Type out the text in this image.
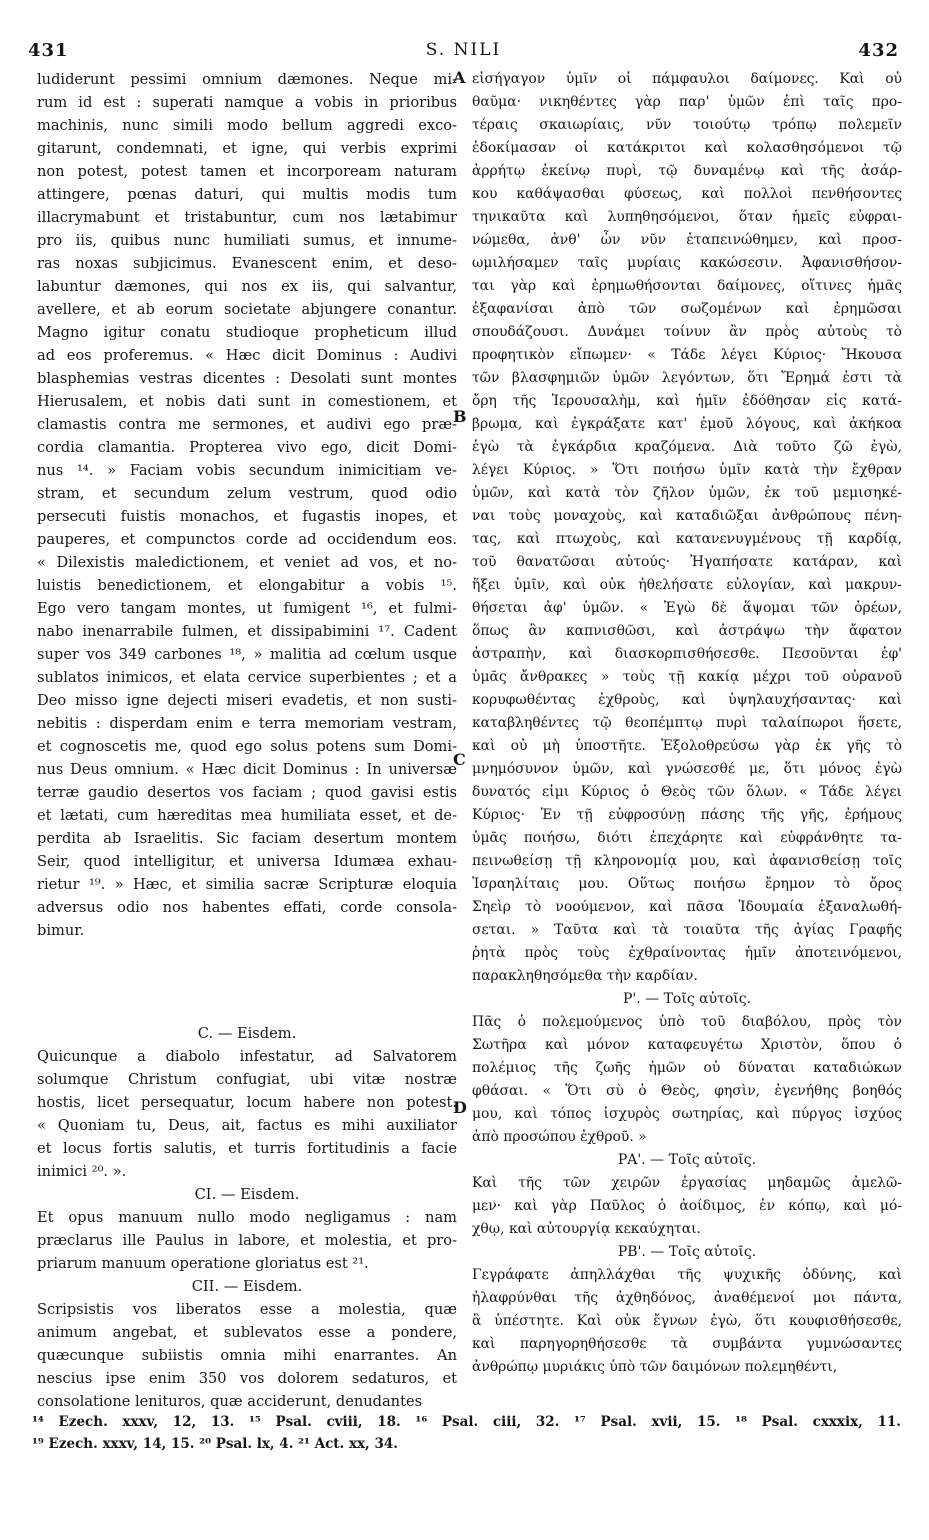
431	S. NILI	432
ludiderunt pessimi omnium dæmones. Neque mi-
rum id est : superati namque a vobis in prioribus
machinis, nunc simili modo bellum aggredi exco-
gitarunt, condemnati, et igne, qui verbis exprimi
non potest, potest tamen et incorpoream naturam
attingere, pœnas daturi, qui multis modis tum
illacrymabunt et tristabuntur, cum nos lætabimur
pro iis, quibus nunc humiliati sumus, et innume-
ras noxas subjicimus. Evanescent enim, et deso-
labuntur dæmones, qui nos ex iis, qui salvantur,
avellere, et ab eorum societate abjungere conantur.
Magno igitur conatu studioque propheticum illud
ad eos proferemus. « Hæc dicit Dominus : Audivi
blasphemias vestras dicentes : Desolati sunt montes
Hierusalem, et nobis dati sunt in comestionem, et
clamastis contra me sermones, et audivi ego præ-
cordia clamantia. Propterea vivo ego, dicit Domi-
nus ¹⁴. » Faciam vobis secundum inimicitiam ve-
stram, et secundum zelum vestrum, quod odio
persecuti fuistis monachos, et fugastis inopes, et
pauperes, et compunctos corde ad occidendum eos.
« Dilexistis maledictionem, et veniet ad vos, et no-
luistis benedictionem, et elongabitur a vobis ¹⁵.
Ego vero tangam montes, ut fumigent ¹⁶, et fulmi-
nabo inenarrabile fulmen, et dissipabimini ¹⁷. Cadent
super vos 349 carbones ¹⁸, » malitia ad cœlum usque
sublatos inimicos, et elata cervice superbientes ; et a
Deo misso igne dejecti miseri evadetis, et non susti-
nebitis : disperdam enim e terra memoriam vestram,
et cognoscetis me, quod ego solus potens sum Domi-
nus Deus omnium. « Hæc dicit Dominus : In universæ
terræ gaudio desertos vos faciam ; quod gavisi estis
et lætati, cum hæreditas mea humiliata esset, et de-
perdita ab Israelitis. Sic faciam desertum montem
Seir, quod intelligitur, et universa Idumæa exhau-
rietur ¹⁹. » Hæc, et similia sacræ Scripturæ eloquia
adversus odio nos habentes effati, corde consola-
bimur.
C. — Eisdem.
Quicunque a diabolo infestatur, ad Salvatorem
solumque Christum confugiat, ubi vitæ nostræ
hostis, licet persequatur, locum habere non potest.
« Quoniam tu, Deus, ait, factus es mihi auxiliator
et locus fortis salutis, et turris fortitudinis a facie
inimici ²⁰. ».
CI. — Eisdem.
Et opus manuum nullo modo negligamus : nam
præclarus ille Paulus in labore, et molestia, et pro-
priarum manuum operatione gloriatus est ²¹.
CII. — Eisdem.
Scripsistis vos liberatos esse a molestia, quæ
animum angebat, et sublevatos esse a pondere,
quæcunque subiistis omnia mihi enarrantes. An
nescius ipse enim 350 vos dolorem sedaturos, et
consolatione lenituros, quæ acciderunt, denudantes
εἰσήγαγον ὑμῖν οἱ πάμφαυλοι δαίμονες. Καὶ οὐ
θαῦμα· νικηθέντες γὰρ παρ' ὑμῶν ἐπὶ ταῖς προ-
τέραις σκαιωρίαις, νῦν τοιούτῳ τρόπῳ πολεμεῖν
ἐδοκίμασαν οἱ κατάκριτοι καὶ κολασθησόμενοι τῷ
ἀρρήτῳ ἐκείνῳ πυρὶ, τῷ δυναμένῳ καὶ τῆς ἀσάρ-
κου καθάψασθαι φύσεως, καὶ πολλοὶ πενθήσοντες
τηνικαῦτα καὶ λυπηθησόμενοι, ὅταν ἡμεῖς εὐφραι-
νώμεθα, ἀνθ' ὧν νῦν ἐταπεινώθημεν, καὶ προσ-
ωμιλήσαμεν ταῖς μυρίαις κακώσεσιν. Ἀφανισθήσον-
ται γὰρ καὶ ἐρημωθήσονται δαίμονες, οἵτινες ἡμᾶς
ἐξαφανίσαι ἀπὸ τῶν σωζομένων καὶ ἐρημῶσαι
σπουδάζουσι. Δυνάμει τοίνυν ἂν πρὸς αὐτοὺς τὸ
προφητικὸν εἴπωμεν· « Τάδε λέγει Κύριος· Ἤκουσα
τῶν βλασφημιῶν ὑμῶν λεγόντων, ὅτι Ἔρημά ἐστι τὰ
ὄρη τῆς Ἱερουσαλὴμ, καὶ ἡμῖν ἐδόθησαν εἰς κατά-
βρωμα, καὶ ἐγκράξατε κατ' ἐμοῦ λόγους, καὶ ἀκήκοα
ἐγὼ τὰ ἐγκάρδια κραζόμενα. Διὰ τοῦτο ζῶ ἐγὼ,
λέγει Κύριος. » Ὅτι ποιήσω ὑμῖν κατὰ τὴν ἔχθραν
ὑμῶν, καὶ κατὰ τὸν ζῆλον ὑμῶν, ἐκ τοῦ μεμισηκέ-
ναι τοὺς μοναχοὺς, καὶ καταδιῶξαι ἀνθρώπους πένη-
τας, καὶ πτωχοὺς, καὶ κατανενυγμένους τῇ καρδίᾳ,
τοῦ θανατῶσαι αὐτούς· Ἠγαπήσατε κατάραν, καὶ
ἥξει ὑμῖν, καὶ οὐκ ἠθελήσατε εὐλογίαν, καὶ μακρυν-
θήσεται ἀφ' ὑμῶν. « Ἐγὼ δὲ ἅψομαι τῶν ὀρέων,
ὅπως ἂν καπνισθῶσι, καὶ ἀστράψω τὴν ἄφατον
ἀστραπὴν, καὶ διασκορπισθήσεσθε. Πεσοῦνται ἐφ'
ὑμᾶς ἄνθρακες » τοὺς τῇ κακίᾳ μέχρι τοῦ οὐρανοῦ
κορυφωθέντας ἐχθροὺς, καὶ ὑψηλαυχήσαντας· καὶ
καταβληθέντες τῷ θεοπέμπτῳ πυρὶ ταλαίπωροι ἥσετε,
καὶ οὐ μὴ ὑποστῆτε. Ἐξολοθρεύσω γὰρ ἐκ γῆς τὸ
μνημόσυνον ὑμῶν, καὶ γνώσεσθέ με, ὅτι μόνος ἐγὼ
δυνατός εἰμι Κύριος ὁ Θεὸς τῶν ὅλων. « Τάδε λέγει
Κύριος· Ἐν τῇ εὐφροσύνῃ πάσης τῆς γῆς, ἐρήμους
ὑμᾶς ποιήσω, διότι ἐπεχάρητε καὶ εὐφράνθητε τα-
πεινωθείσῃ τῇ κληρονομίᾳ μου, καὶ ἀφανισθείσῃ τοῖς
Ἰσραηλίταις μου. Οὕτως ποιήσω ἔρημον τὸ ὄρος
Σηεὶρ τὸ νοούμενον, καὶ πᾶσα Ἰδουμαία ἐξαναλωθή-
σεται. » Ταῦτα καὶ τὰ τοιαῦτα τῆς ἁγίας Γραφῆς
ῥητὰ πρὸς τοὺς ἐχθραίνοντας ἡμῖν ἀποτεινόμενοι,
παρακληθησόμεθα τὴν καρδίαν.
Ρ'. — Τοῖς αὐτοῖς.
Πᾶς ὁ πολεμούμενος ὑπὸ τοῦ διαβόλου, πρὸς τὸν
Σωτῆρα καὶ μόνον καταφευγέτω Χριστὸν, ὅπου ὁ
πολέμιος τῆς ζωῆς ἡμῶν οὐ δύναται καταδιώκων
φθάσαι. « Ὅτι σὺ ὁ Θεὸς, φησὶν, ἐγενήθης βοηθός
μου, καὶ τόπος ἰσχυρὸς σωτηρίας, καὶ πύργος ἰσχύος
ἀπὸ προσώπου ἐχθροῦ. »
ΡΑ'. — Τοῖς αὐτοῖς.
Καὶ τῆς τῶν χειρῶν ἐργασίας μηδαμῶς ἀμελῶ-
μεν· καὶ γὰρ Παῦλος ὁ ἀοίδιμος, ἐν κόπῳ, καὶ μό-
χθῳ, καὶ αὐτουργίᾳ κεκαύχηται.
ΡΒ'. — Τοῖς αὐτοῖς.
Γεγράφατε ἀπηλλάχθαι τῆς ψυχικῆς ὀδύνης, καὶ
ἠλαφρύνθαι τῆς ἀχθηδόνος, ἀναθέμενοί μοι πάντα,
ἃ ὑπέστητε. Καὶ οὐκ ἔγνων ἐγὼ, ὅτι κουφισθήσεσθε,
καὶ παρηγορηθήσεσθε τὰ συμβάντα γυμνώσαντες
ἀνθρώπῳ μυριάκις ὑπὸ τῶν δαιμόνων πολεμηθέντι,
A
B
C
D
¹⁴ Ezech. xxxv, 12, 13. ¹⁵ Psal. cviii, 18. ¹⁶ Psal. ciii, 32. ¹⁷ Psal. xvii, 15. ¹⁸ Psal. cxxxix, 11.
¹⁹ Ezech. xxxv, 14, 15. ²⁰ Psal. lx, 4. ²¹ Act. xx, 34.
